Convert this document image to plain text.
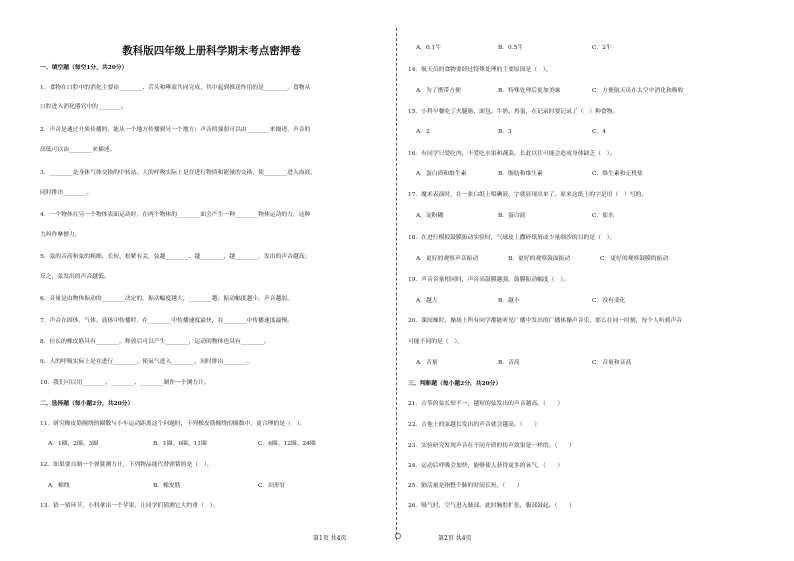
教科版四年级上册科学期末考点密押卷
一、填空题（每空1分，共20分）
1．食物在口腔中的消化主要由________、舌头和唾液共同完成，其中起到推送作用的是________，食物从
口腔进入消化器官中的________。
2．声音是通过介质传播的，能从一个地方传播到另一个地方；声音的强弱可以由________来描述，声音的
高低可以由________来描述。
3．________是身体气体交换的中转站。人的呼吸实际上是在进行物质和能量的交换，使________进入血液，
同时排出________。
4．一个物体在另一个物体表面运动时，在两个物体的________面会产生一种________物体运动的力，这种
力叫作摩擦力。
5．弦的音高和弦的粗细、长短、松紧有关，弦越________、越________、越________，发出的声音越高；
反之，弦发出的声音越低。
6．音量是由物体振动的________决定的，振动幅度越大，________越；振动幅度越小，声音越弱。
7．声音在固体、气体、液体中传播时，在________中传播速度最快，在________中传播速度最慢。
8．拉长的橡皮筋具有________，释放后可以产生________，运动的物体也具有________。
9．人的呼吸实际上是在进行________，使氧气进入________，同时排出________。
10．我们可以用________、________、________制作一个测力计。
二、选择题（每小题2分，共20分）
11．研究橡皮筋缠绕的圈数与小车运动距离这个问题时，下列橡皮筋缠绕的圈数中，更合理的是（　）。
A．1圈、2圈、3圈	B．1圈、6圈、11圈	C．6圈、12圈、24圈
12．如果要自制一个弹簧测力计，下列物品能代替弹簧的是（　）。
A．棉线	B．橡皮筋	C．回形针
13．猜一猜环节，小科拿出一个苹果，让同学们猜测它大约重（　）。
A．0.1牛	B．0.5牛	C．2牛
14．航天员的食物要经过特殊处理的主要原因是（　）。
A．为了携带方便	B．特殊处理后更加美味	C．方便航天员在太空中消化和吸收
15．小科早餐吃了火腿肠、面包、牛奶、鸡蛋，在记录时要记录了（　）种食物。
A．2	B．3	C．4
16．有同学只爱吃肉，不爱吃水果和蔬菜，长此以往可能会造成身体缺乏（　）。
A．蛋白质和维生素	B．脂肪和维生素	C．维生素和无机盐
17．魔术表演时，在一张白纸上唱碘液，字就显现出来了。原来这纸上的字是用（　）写的。
A．淀粉糊	B．蛋白液	C．盐水
18．在进行模拟鼓膜振动实验时，气球皮上撒碎纸屑或少量细沙的目的是（　）。
A．更好的观察声音振动	B．更好的观察鼓面振动	C．更好的观察鼓膜的振动
19．声音音量相同时，声音高鼓膜越强，鼓膜振动幅度（　）。
A．越大	B．越小	C．没有变化
20．课间操时，操场上所有同学都能听见广播中发出的广播体操声音乐，那么在同一时刻，每个人听到声音
可能不同的是（　）。
A．音量	B．音高	C．音量和音高
三、判断题（每小题2分，共20分）
21．古筝的弦长短不一，越短的弦发出的声音越高。（　　）
22．吉他上的弦越长发出的声音就会越高。（　　）
23．实验研究发现声音在不同介质的传声效果是一样的。（　　）
24．运动后呼吸会加快，能够使人获得更多的氧气。（　　）
25．肺活量是指整个肺的时间长短。（　　）
26．吸气时，空气进入肺部，此时胸腔扩张，腹部鼓起。（　　）
第1页 共4页	第2页 共4页
